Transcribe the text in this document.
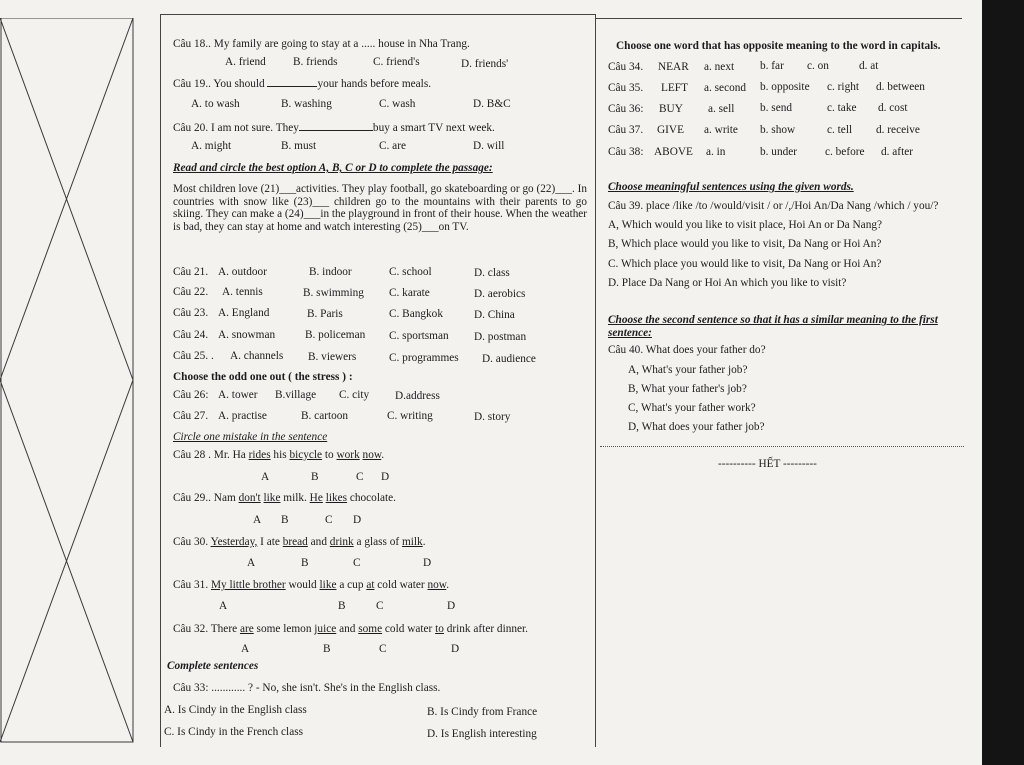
Câu 18.. My family are going to stay at a ..... house in Nha Trang.
A. friend B. friends	C. friend's	D. friends'
Câu 19.. You should	your hands before meals.
A. to wash	B. washing	C. wash	D. B&C
Câu 20. I am not sure. They	buy a smart TV next week.
A. might	B. must	C. are	D. will
Read and circle the best option A, B, C or D to complete the passage:
Most children love (21)___activities. They play football, go skateboarding or go (22)___. In countries with snow like (23)___ children go to the mountains with their parents to go skiing. They can make a (24)___in the playground in front of their house. When the weather is bad, they can stay at home and watch interesting (25)___on TV.
Câu 21. A. outdoor	B. indoor	C. school	D. class
Câu 22. A. tennis	B. swimming C. karate	D. aerobics
Câu 23. A. England	B. Paris	C. Bangkok	D. China
Câu 24. A. snowman	B. policeman C. sportsman D. postman
Câu 25. . A. channels B. viewers	C. programmes D. audience
Choose the odd one out ( the stress ) :
Câu 26: A. tower B.village C. city D.address
Câu 27. A. practise	B. cartoon	C. writing	D. story
Circle one mistake in the sentence
Câu 28 . Mr. Ha rides his bicycle to work now.
A	B	C D
Câu 29.. Nam don't like milk. He likes chocolate.
A B	C D
Câu 30. Yesterday, I ate bread and drink a glass of milk.
A	B	C	D
Câu 31. My little brother would like a cup at cold water now.
A	B	C	D
Câu 32. There are some lemon juice and some cold water to drink after dinner.
A	B	C	D
Complete sentences
Câu 33: ............ ? - No, she isn't. She's in the English class.
A. Is Cindy in the English class	B. Is Cindy from France
C. Is Cindy in the French class	D. Is English interesting
Choose one word that has opposite meaning to the word in capitals.
Câu 34. NEAR a. next b. far c. on	d. at
Câu 35. LEFT a. second b. opposite c. right d. between
Câu 36: BUY a. sell b. send	c. take d. cost
Câu 37. GIVE a. write b. show	c. tell d. receive
Câu 38: ABOVE a. in	b. under c. before d. after
Choose meaningful sentences using the given words.
Câu 39. place /like /to /would/visit / or /,/Hoi An/Da Nang /which / you/?
A, Which would you like to visit place, Hoi An or Da Nang?
B, Which place would you like to visit, Da Nang or Hoi An?
C. Which place you would like to visit, Da Nang or Hoi An?
D. Place Da Nang or Hoi An which you like to visit?
Choose the second sentence so that it has a similar meaning to the first sentence:
Câu 40. What does your father do?
A, What's your father job?
B, What your father's job?
C, What's your father work?
D, What does your father job?
---------- HẾT ---------
